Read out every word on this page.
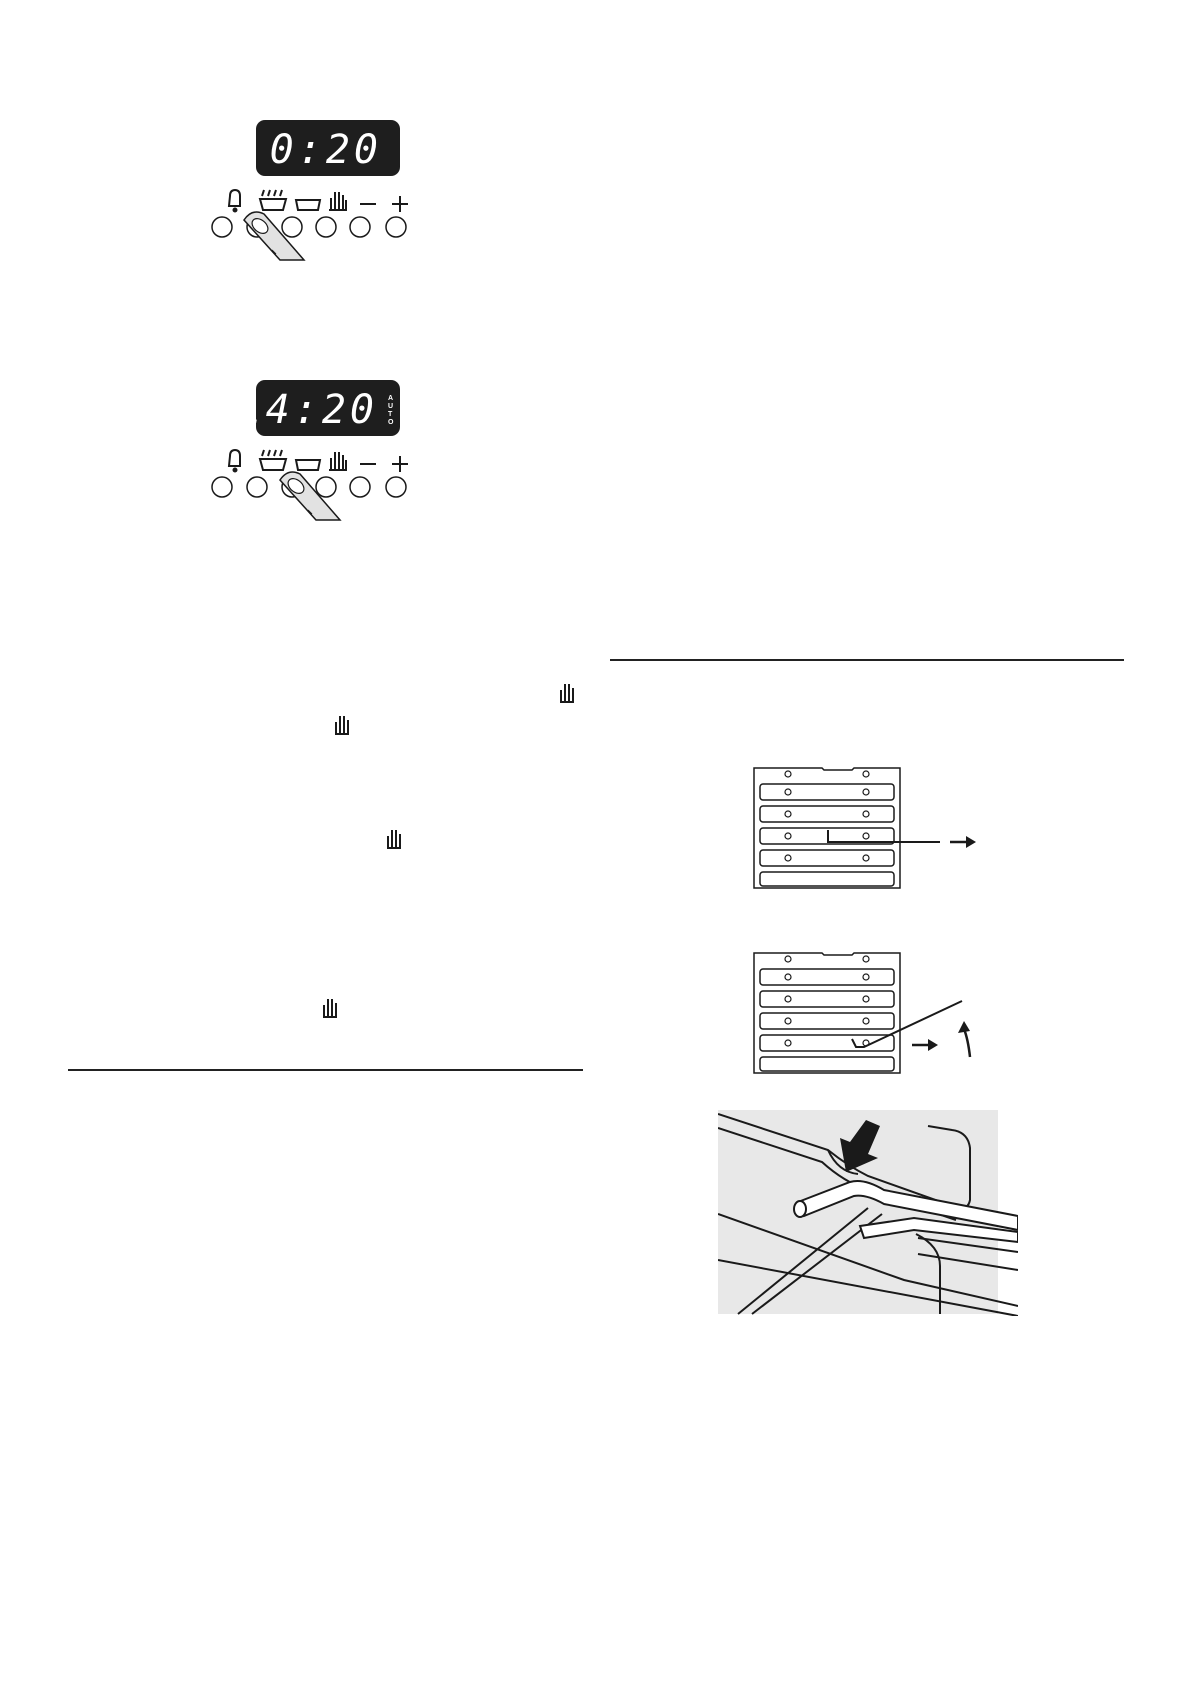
0:20
14:20 A
U
T
O
